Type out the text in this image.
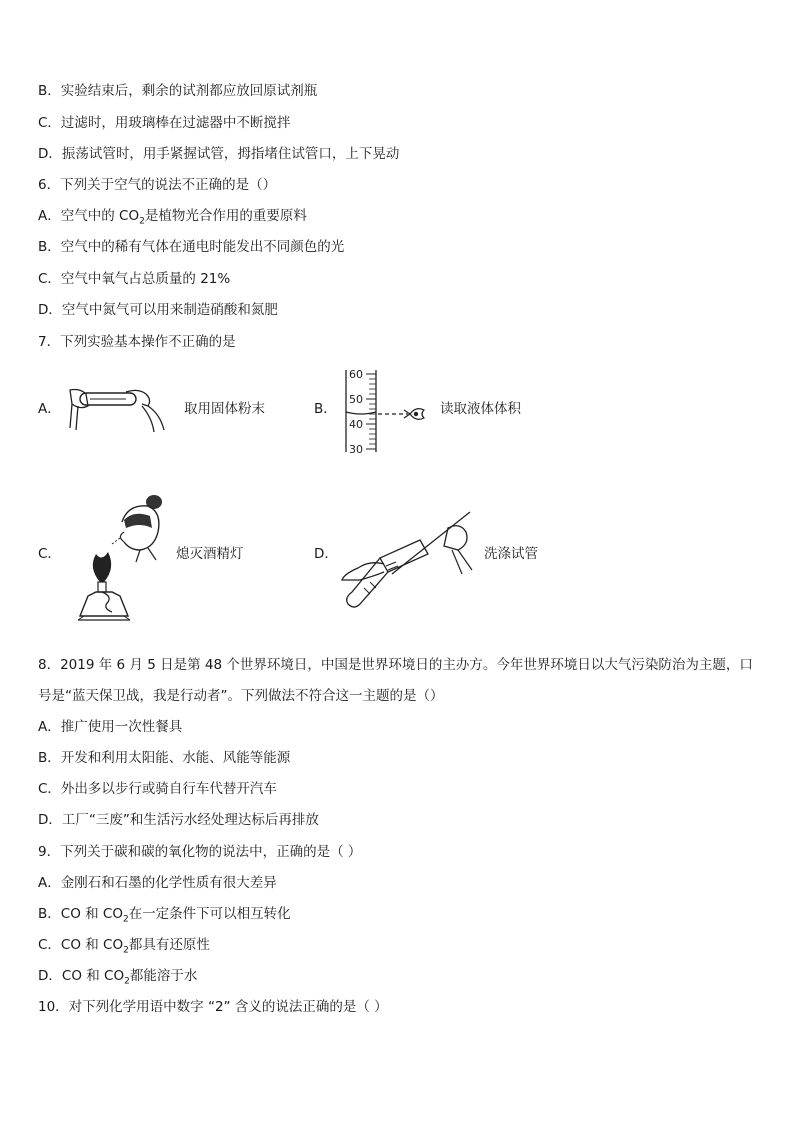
B．实验结束后，剩余的试剂都应放回原试剂瓶
C．过滤时，用玻璃棒在过滤器中不断搅拌
D．振荡试管时，用手紧握试管，拇指堵住试管口，上下晃动
6．下列关于空气的说法不正确的是（）
A．空气中的 $CO_2$是植物光合作用的重要原料
B．空气中的稀有气体在通电时能发出不同颜色的光
C．空气中氧气占总质量的 21%
D．空气中氮气可以用来制造硝酸和氮肥
7．下列实验基本操作不正确的是
A．	取用固体粉末	B．
60
50
40
30
读取液体体积
C．	熄灭酒精灯	D．	洗涤试管
8．2019 年 6 月 5 日是第 48 个世界环境日，中国是世界环境日的主办方。今年世界环境日以大气污染防治为主题，口
号是“蓝天保卫战，我是行动者”。下列做法不符合这一主题的是（）
A．推广使用一次性餐具
B．开发和利用太阳能、水能、风能等能源
C．外出多以步行或骑自行车代替开汽车
D．工厂“三废”和生活污水经处理达标后再排放
9．下列关于碳和碳的氧化物的说法中，正确的是（ ）
A．金刚石和石墨的化学性质有很大差异
B．CO 和 $CO_2$在一定条件下可以相互转化
C．CO 和 $CO_2$都具有还原性
D．CO 和 $CO_2$都能溶于水
10．对下列化学用语中数字 “2” 含义的说法正确的是（ ）
